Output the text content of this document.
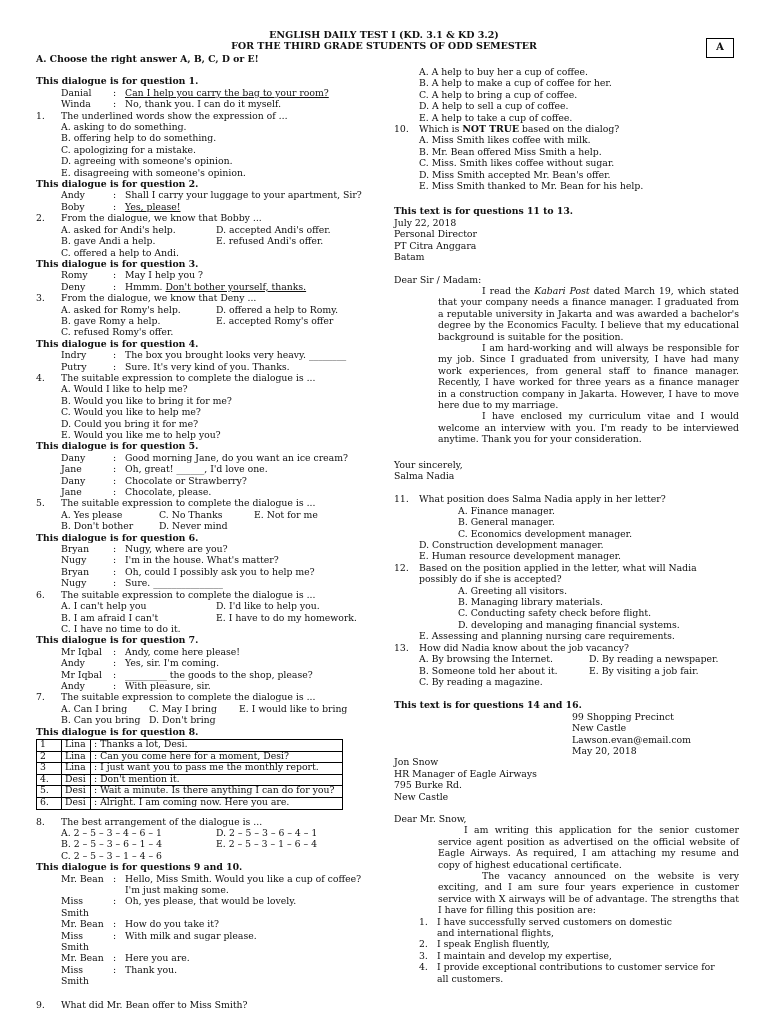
ENGLISH DAILY TEST I (KD. 3.1 & KD 3.2)
FOR THE THIRD GRADE STUDENTS OF ODD SEMESTER	A
A. Choose the right answer A, B, C, D or E!
This dialogue is for question 1.
Danial	: Can I help you carry the bag to your room?
Winda	: No, thank you. I can do it myself.
1.	The underlined words show the expression of ...
A. asking to do something.
B. offering help to do something.
C. apologizing for a mistake.
D. agreeing with someone's opinion.
E. disagreeing with someone's opinion.
This dialogue is for question 2.
Andy	: Shall I carry your luggage to your apartment, Sir?
Boby	: Yes, please!
2.	From the dialogue, we know that Bobby ...
A. asked for Andi's help.	D. accepted Andi's offer.
B. gave Andi a help.	E. refused Andi's offer.
C. offered a help to Andi.
This dialogue is for question 3.
Romy	: May I help you ?
Deny	: Hmmm. Don't bother yourself, thanks.
3.	From the dialogue, we know that Deny ...
A. asked for Romy's help.	D. offered a help to Romy.
B. gave Romy a help.	E. accepted Romy's offer
C. refused Romy's offer.
This dialogue is for question 4.
Indry	: The box you brought looks very heavy. ________
Putry	: Sure. It's very kind of you. Thanks.
4.	The suitable expression to complete the dialogue is ...
A. Would I like to help me?
B. Would you like to bring it for me?
C. Would you like to help me?
D. Could you bring it for me?
E. Would you like me to help you?
This dialogue is for question 5.
Dany	: Good morning Jane, do you want an ice cream?
Jane	: Oh, great! ______, I'd love one.
Dany	: Chocolate or Strawberry?
Jane	: Chocolate, please.
5.	The suitable expression to complete the dialogue is ...
A. Yes please	C. No Thanks	E. Not for me
B. Don't bother	D. Never mind
This dialogue is for question 6.
Bryan	: Nugy, where are you?
Nugy	: I'm in the house. What's matter?
Bryan	: Oh, could I possibly ask you to help me?
Nugy	: Sure. _______________
6.	The suitable expression to complete the dialogue is ...
A. I can't help you	D. I'd like to help you.
B. I am afraid I can't	E. I have to do my homework.
C. I have no time to do it.
This dialogue is for question 7.
Mr Iqbal	: Andy, come here please!
Andy	: Yes, sir. I'm coming.
Mr Iqbal	: _________ the goods to the shop, please?
Andy	: With pleasure, sir.
7.	The suitable expression to complete the dialogue is ...
A. Can I bring	C. May I bring	E. I would like to bring
B. Can you bring D. Don't bring
This dialogue is for question 8.
1	Lina	: Thanks a lot, Desi.
2	Lina	: Can you come here for a moment, Desi?
3	Lina	: I just want you to pass me the monthly report.
4.	Desi	: Don't mention it.
5.	Desi	: Wait a minute. Is there anything I can do for you?
6.	Desi	: Alright. I am coming now. Here you are.
8.	The best arrangement of the dialogue is ...
A. 2 – 5 – 3 – 4 – 6 – 1	D. 2 – 5 – 3 – 6 – 4 – 1
B. 2 – 5 – 3 – 6 – 1 – 4	E. 2 – 5 – 3 – 1 – 6 – 4
C. 2 – 5 – 3 – 1 – 4 – 6
This dialogue is for questions 9 and 10.
Mr. Bean : Hello, Miss Smith. Would you like a cup of coffee?
I'm just making some.
Miss Smith
: Oh, yes please, that would be lovely.
Mr. Bean : How do you take it?
Miss Smith
: With milk and sugar please.
Mr. Bean : Here you are.
Miss Smith
: Thank you.
9.	What did Mr. Bean offer to Miss Smith?
A. A help to buy her a cup of coffee.
B. A help to make a cup of coffee for her.
C. A help to bring a cup of coffee.
D. A help to sell a cup of coffee.
E. A help to take a cup of coffee.
10.	Which is NOT TRUE based on the dialog?
A. Miss Smith likes coffee with milk.
B. Mr. Bean offered Miss Smith a help.
C. Miss. Smith likes coffee without sugar.
D. Miss Smith accepted Mr. Bean's offer.
E. Miss Smith thanked to Mr. Bean for his help.
This text is for questions 11 to 13.
July 22, 2018
Personal Director
PT Citra Anggara
Batam
Dear Sir / Madam:
I read the Kabari Post dated March 19, which stated that your company needs a finance manager. I graduated from a reputable university in Jakarta and was awarded a bachelor's degree by the Economics Faculty. I believe that my educational background is suitable for the position.
I am hard-working and will always be responsible for my job. Since I graduated from university, I have had many work experiences, from general staff to finance manager. Recently, I have worked for three years as a finance manager in a construction company in Jakarta. However, I have to move here due to my marriage.
I have enclosed my curriculum vitae and I would welcome an interview with you. I'm ready to be interviewed anytime. Thank you for your consideration.
Your sincerely,
Salma Nadia
11.	What position does Salma Nadia apply in her letter?
A. Finance manager.
B. General manager.
C. Economics development manager.
D. Construction development manager.
E. Human resource development manager.
12.	Based on the position applied in the letter, what will Nadia
possibly do if she is accepted?
A. Greeting all visitors.
B. Managing library materials.
C. Conducting safety check before flight.
D. developing and managing financial systems.
E. Assessing and planning nursing care requirements.
13.	How did Nadia know about the job vacancy?
A. By browsing the Internet.	D. By reading a newspaper.
B. Someone told her about it.	E. By visiting a job fair.
C. By reading a magazine.
This text is for questions 14 and 16.
99 Shopping Precinct
New Castle
Lawson.evan@email.com
May 20, 2018
Jon Snow
HR Manager of Eagle Airways
795 Burke Rd.
New Castle
Dear Mr. Snow,
I am writing this application for the senior customer service agent position as advertised on the official website of Eagle Airways. As required, I am attaching my resume and copy of highest educational certificate.
The vacancy announced on the website is very exciting, and I am sure four years experience in customer service with X airways will be of advantage. The strengths that I have for filling this position are:
1. I have successfully served customers on domestic
and international flights,
2. I speak English fluently,
3. I maintain and develop my expertise,
4. I provide exceptional contributions to customer service for
all customers.
